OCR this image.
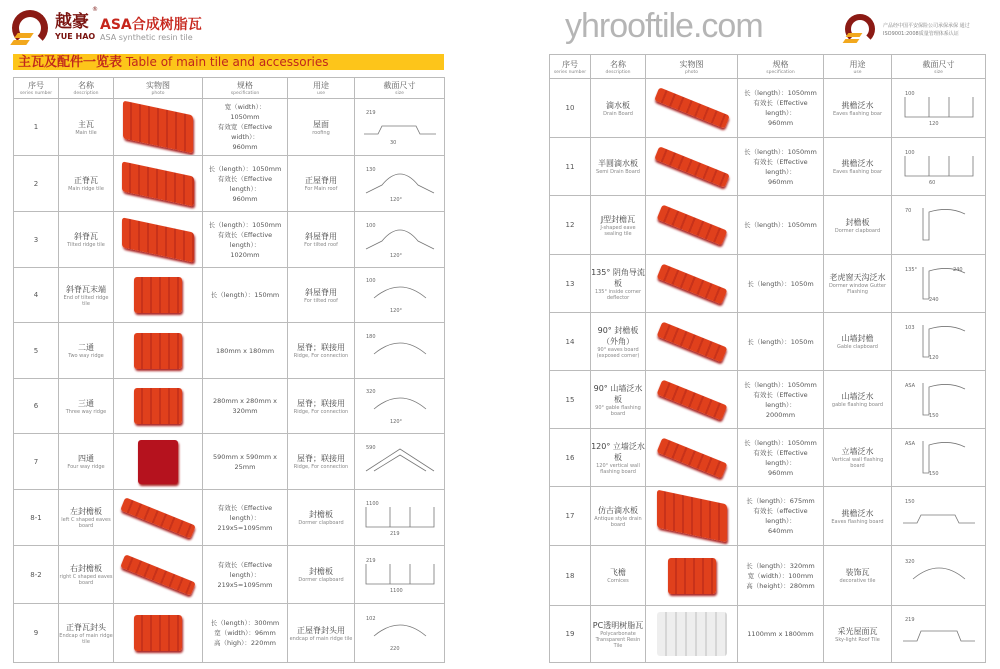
越豪
®
YUE HAO
ASA合成树脂瓦
ASA synthetic resin tile
主瓦及配件一览表 Table of main tile and accessories
产品经中国平安保险公司承保承保 通过ISO9001:2008质量管理体系认证
序号
series number	名称
description	实物图
photo	规格
specification	用途
use	截面尺寸
size

1	主瓦
Main tile		宽（width）：
1050mm
有效宽（Effective width）：
960mm	屋面
roofing	219
30

2	正脊瓦
Main ridge tile		长（length）：1050mm
有效长（Effective length）：
960mm	正屋脊用
For Main roof	130
120°

3	斜脊瓦
Tilted ridge tile		长（length）：1050mm
有效长（Effective length）：
1020mm	斜屋脊用
For tilted roof	100
120°

4	斜脊瓦末端
End of tilted ridge tile		长（length）：150mm	斜屋脊用
For tilted roof	100
120°

5	二通
Two way ridge		180mm x 180mm	屋脊；联接用
Ridge, For connection	180

6	三通
Three way ridge		280mm x 280mm x 320mm	屋脊；联接用
Ridge, For connection	320
120°

7	四通
Four way ridge		590mm x 590mm x 25mm	屋脊；联接用
Ridge, For connection	590

8-1	左封檐板
left C shaped eaves board		有效长（Effective length）：
219x5=1095mm	封檐板
Dormer clapboard	1100
219

8-2	右封檐板
right C shaped eaves board		有效长（Effective length）：
219x5=1095mm	封檐板
Dormer clapboard	219
1100

9	正脊瓦封头
Endcap of main ridge tile		长（length）：300mm
宽（width）：96mm
高（high）：220mm	正屋脊封头用
endcap of main ridge tile	102
220
序号
series number	名称
description	实物图
photo	规格
specification	用途
use	截面尺寸
size

10	滴水板
Drain Board		长（length）：1050mm
有效长（Effective length）：
960mm	挑檐泛水
Eaves flashing boar	100
120

11	半圆滴水板
Semi Drain Board		长（length）：1050mm
有效长（Effective length）：
960mm	挑檐泛水
Eaves flashing boar	100
60

12	J型封檐瓦
J-shaped eave sealing tile		长（length）：1050mm	封檐板
Dormer clapboard	70

13	135° 阴角导流板
135° inside corner deflector		长（length）：1050m	老虎窗天沟泛水
Dormer window Gutter Flashing	135°
240
240

14	90° 封檐板（外角）
90° eaves board (exposed corner)		长（length）：1050m	山墙封檐
Gable clapboard	103
120

15	90° 山墙泛水板
90° gable flashing board		长（length）：1050mm
有效长（Effective length）：
2000mm	山墙泛水
gable flashing board	ASA
150

16	120° 立墙泛水板
120° vertical wall flashing board		长（length）：1050mm
有效长（Effective length）：
960mm	立墙泛水
Vertical wall flashing board	ASA
150

17	仿古滴水板
Antique style drain board		长（length）：675mm
有效长（effective length）：
640mm	挑檐泛水
Eaves flashing board	150

18	飞檐
Cornices		长（length）：320mm
宽（width）：100mm
高（height）：280mm	装饰瓦
decorative tile	320

19	PC透明树脂瓦
Polycarbonate Transparent Resin Tile		1100mm x 1800mm	采光屋面瓦
Sky-light Roof Tile	219
yhrooftile.com
